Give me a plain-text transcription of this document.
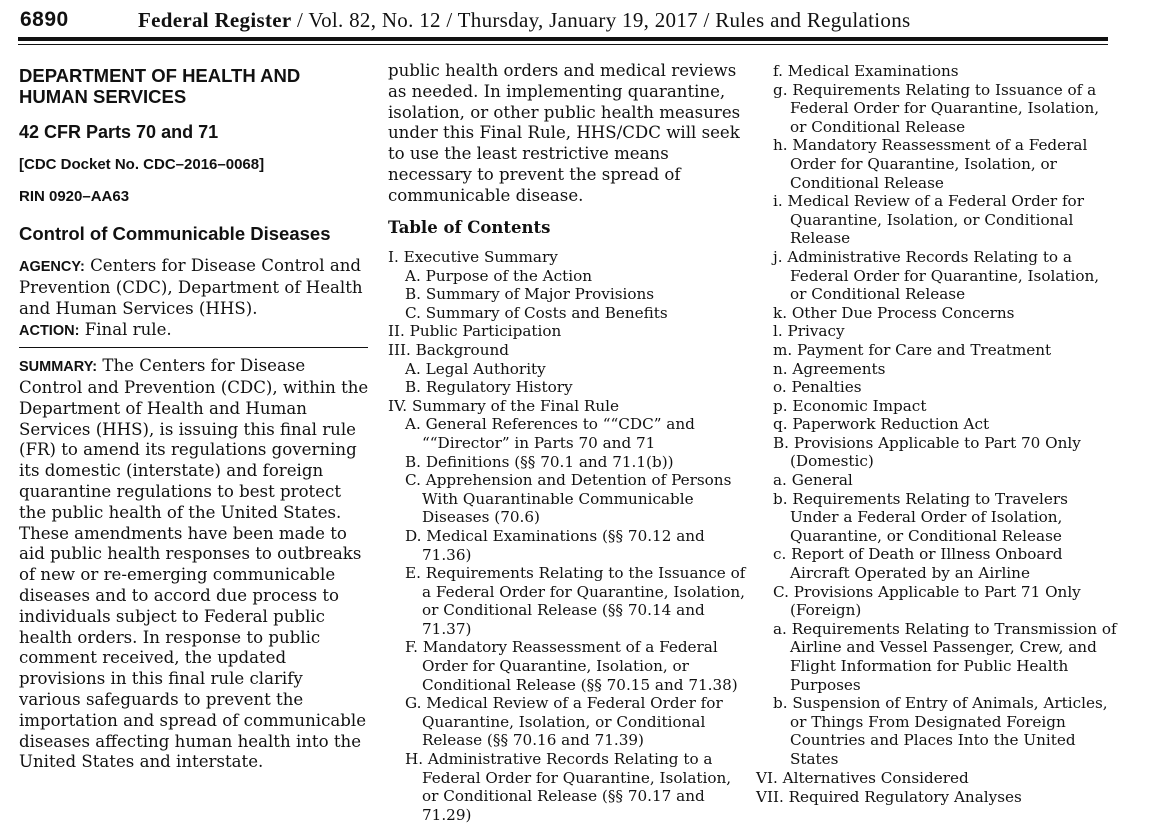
6890	Federal Register / Vol. 82, No. 12 / Thursday, January 19, 2017 / Rules and Regulations
DEPARTMENT OF HEALTH AND
HUMAN SERVICES
42 CFR Parts 70 and 71
[CDC Docket No. CDC–2016–0068]
RIN 0920–AA63
Control of Communicable Diseases

AGENCY: Centers for Disease Control and Prevention (CDC), Department of Health and Human Services (HHS).

ACTION: Final rule.

SUMMARY: The Centers for Disease Control and Prevention (CDC), within the Department of Health and Human Services (HHS), is issuing this final rule (FR) to amend its regulations governing its domestic (interstate) and foreign quarantine regulations to best protect the public health of the United States. These amendments have been made to aid public health responses to outbreaks of new or re-emerging communicable diseases and to accord due process to individuals subject to Federal public health orders. In response to public comment received, the updated provisions in this final rule clarify various safeguards to prevent the importation and spread of communicable diseases affecting human health into the United States and interstate.

public health orders and medical reviews as needed. In implementing quarantine, isolation, or other public health measures under this Final Rule, HHS/CDC will seek to use the least restrictive means necessary to prevent the spread of communicable disease.

Table of Contents
I. Executive Summary
A. Purpose of the Action
B. Summary of Major Provisions
C. Summary of Costs and Benefits
II. Public Participation
III. Background
A. Legal Authority
B. Regulatory History
IV. Summary of the Final Rule
A. General References to ““CDC” and ““Director” in Parts 70 and 71
B. Definitions (§§ 70.1 and 71.1(b))
C. Apprehension and Detention of Persons With Quarantinable Communicable Diseases (70.6)
D. Medical Examinations (§§ 70.12 and 71.36)
E. Requirements Relating to the Issuance of a Federal Order for Quarantine, Isolation, or Conditional Release (§§ 70.14 and 71.37)
F. Mandatory Reassessment of a Federal Order for Quarantine, Isolation, or Conditional Release (§§ 70.15 and 71.38)
G. Medical Review of a Federal Order for Quarantine, Isolation, or Conditional Release (§§ 70.16 and 71.39)
H. Administrative Records Relating to a Federal Order for Quarantine, Isolation, or Conditional Release (§§ 70.17 and 71.29)
f. Medical Examinations
g. Requirements Relating to Issuance of a Federal Order for Quarantine, Isolation, or Conditional Release
h. Mandatory Reassessment of a Federal Order for Quarantine, Isolation, or Conditional Release
i. Medical Review of a Federal Order for Quarantine, Isolation, or Conditional Release
j. Administrative Records Relating to a Federal Order for Quarantine, Isolation, or Conditional Release
k. Other Due Process Concerns
l. Privacy
m. Payment for Care and Treatment
n. Agreements
o. Penalties
p. Economic Impact
q. Paperwork Reduction Act
B. Provisions Applicable to Part 70 Only (Domestic)
a. General
b. Requirements Relating to Travelers Under a Federal Order of Isolation, Quarantine, or Conditional Release
c. Report of Death or Illness Onboard Aircraft Operated by an Airline
C. Provisions Applicable to Part 71 Only (Foreign)
a. Requirements Relating to Transmission of Airline and Vessel Passenger, Crew, and Flight Information for Public Health Purposes
b. Suspension of Entry of Animals, Articles, or Things From Designated Foreign Countries and Places Into the United States
VI. Alternatives Considered
VII. Required Regulatory Analyses
